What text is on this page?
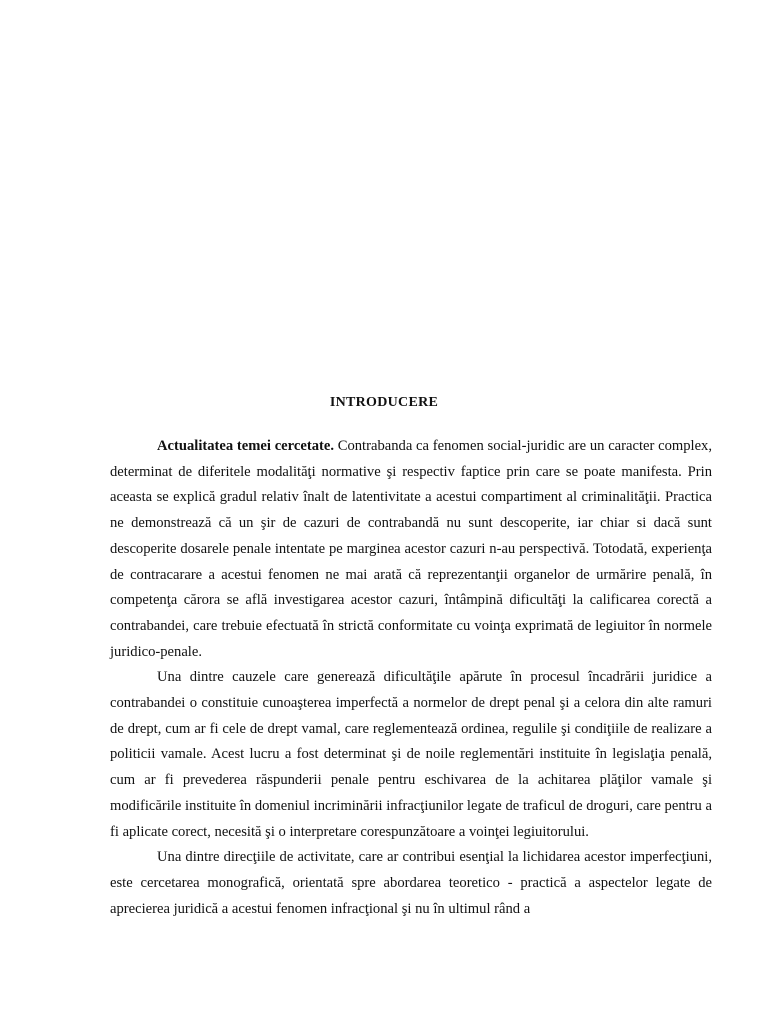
INTRODUCERE

Actualitatea temei cercetate. Contrabanda ca fenomen social-juridic are un caracter complex, determinat de diferitele modalităţi normative şi respectiv faptice prin care se poate manifesta. Prin aceasta se explică gradul relativ înalt de latentivitate a acestui compartiment al criminalităţii. Practica ne demonstrează că un şir de cazuri de contrabandă nu sunt descoperite, iar chiar si dacă sunt descoperite dosarele penale intentate pe marginea acestor cazuri n-au perspectivă. Totodată, experienţa de contracarare a acestui fenomen ne mai arată că reprezentanţii organelor de urmărire penală, în competenţa cărora se află investigarea acestor cazuri, întâmpină dificultăţi la calificarea corectă a contrabandei, care trebuie efectuată în strictă conformitate cu voinţa exprimată de legiuitor în normele juridico-penale.

Una dintre cauzele care generează dificultăţile apărute în procesul încadrării juridice a contrabandei o constituie cunoaşterea imperfectă a normelor de drept penal şi a celora din alte ramuri de drept, cum ar fi cele de drept vamal, care reglementează ordinea, regulile şi condiţiile de realizare a politicii vamale. Acest lucru a fost determinat şi de noile reglementări instituite în legislaţia penală, cum ar fi prevederea răspunderii penale pentru eschivarea de la achitarea plăţilor vamale şi modificările instituite în domeniul incriminării infracţiunilor legate de traficul de droguri, care pentru a fi aplicate corect, necesită şi o interpretare corespunzătoare a voinţei legiuitorului.

Una dintre direcţiile de activitate, care ar contribui esenţial la lichidarea acestor imperfecţiuni, este cercetarea monografică, orientată spre abordarea teoretico - practică a aspectelor legate de aprecierea juridică a acestui fenomen infracţional şi nu în ultimul rând a
